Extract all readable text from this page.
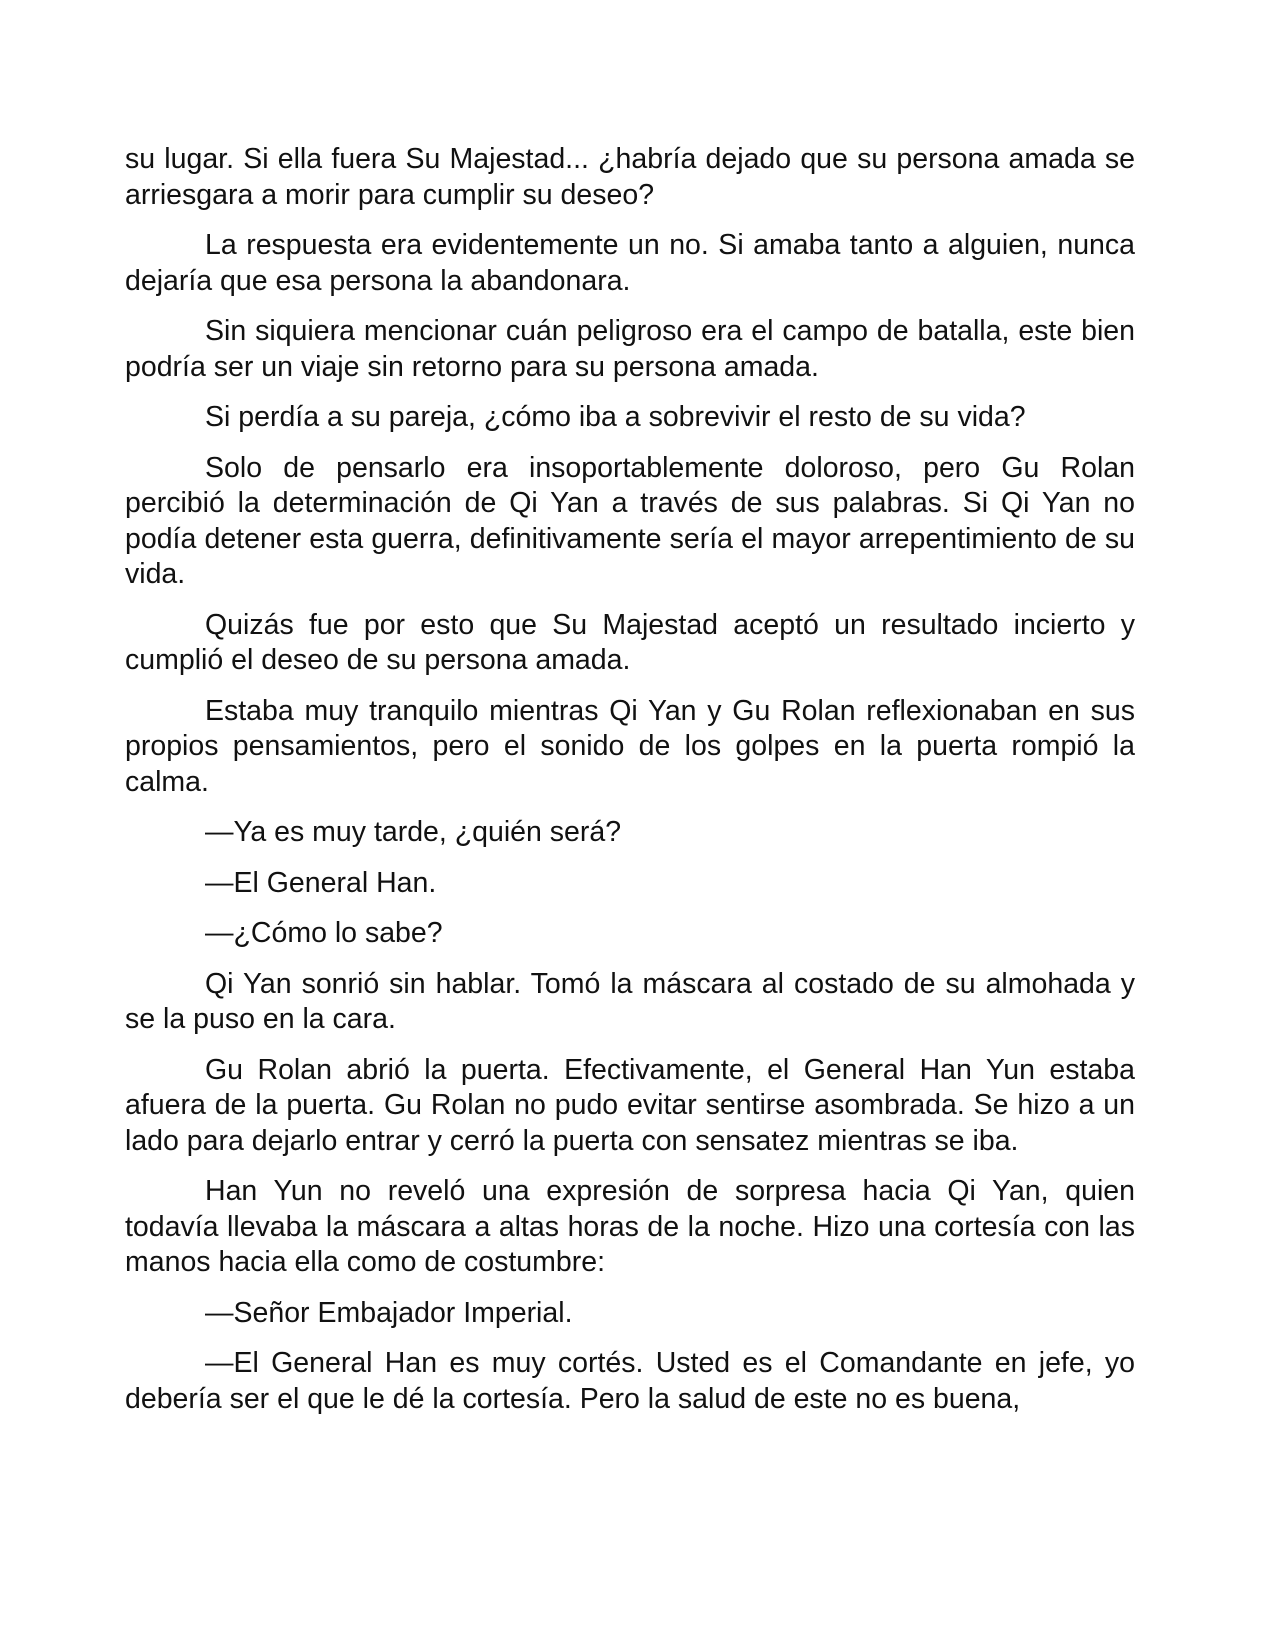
su lugar. Si ella fuera Su Majestad... ¿habría dejado que su persona amada se arriesgara a morir para cumplir su deseo?

La respuesta era evidentemente un no. Si amaba tanto a alguien, nunca dejaría que esa persona la abandonara.

Sin siquiera mencionar cuán peligroso era el campo de batalla, este bien podría ser un viaje sin retorno para su persona amada.

Si perdía a su pareja, ¿cómo iba a sobrevivir el resto de su vida?

Solo de pensarlo era insoportablemente doloroso, pero Gu Rolan percibió la determinación de Qi Yan a través de sus palabras. Si Qi Yan no podía detener esta guerra, definitivamente sería el mayor arrepentimiento de su vida.

Quizás fue por esto que Su Majestad aceptó un resultado incierto y cumplió el deseo de su persona amada.

Estaba muy tranquilo mientras Qi Yan y Gu Rolan reflexionaban en sus propios pensamientos, pero el sonido de los golpes en la puerta rompió la calma.

—Ya es muy tarde, ¿quién será?

—El General Han.

—¿Cómo lo sabe?

Qi Yan sonrió sin hablar. Tomó la máscara al costado de su almohada y se la puso en la cara.

Gu Rolan abrió la puerta. Efectivamente, el General Han Yun estaba afuera de la puerta. Gu Rolan no pudo evitar sentirse asombrada. Se hizo a un lado para dejarlo entrar y cerró la puerta con sensatez mientras se iba.

Han Yun no reveló una expresión de sorpresa hacia Qi Yan, quien todavía llevaba la máscara a altas horas de la noche. Hizo una cortesía con las manos hacia ella como de costumbre:

—Señor Embajador Imperial.

—El General Han es muy cortés. Usted es el Comandante en jefe, yo debería ser el que le dé la cortesía. Pero la salud de este no es buena,
